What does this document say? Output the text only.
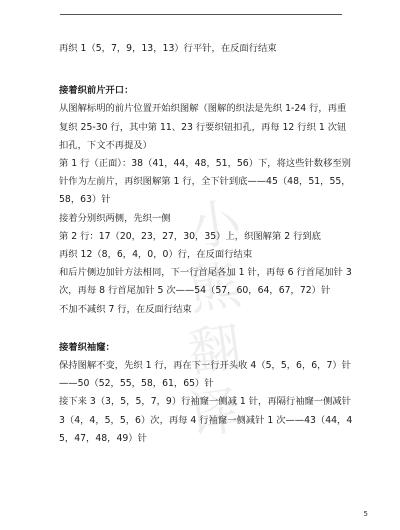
小
熊
翻
译

再织 1（5，7，9，13，13）行平针，在反面行结束

接着织前片开口：

从图解标明的前片位置开始织图解（图解的织法是先织 1-24 行，再重复织 25-30 行，其中第 11、23 行要织钮扣孔，再每 12 行织 1 次钮扣孔，下文不再提及）

第 1 行（正面）：38（41，44，48，51，56）下，将这些针数移至别针作为左前片，再织图解第 1 行，全下针到底——45（48，51，55，58，63）针

接着分别织两侧，先织一侧

第 2 行：17（20，23，27，30，35）上，织图解第 2 行到底

再织 12（8，6，4，0，0）行，在反面行结束

和后片侧边加针方法相同，下一行首尾各加 1 针，再每 6 行首尾加针 3 次，再每 8 行首尾加针 5 次——54（57，60，64，67，72）针

不加不减织 7 行，在反面行结束

接着织袖窿：

保持图解不变，先织 1 行，再在下一行开头收 4（5，5，6，6，7）针——50（52，55，58，61，65）针

接下来 3（3，5，5，7，9）行袖窿一侧减 1 针，再隔行袖窿一侧减针 3（4，4，5，5，6）次，再每 4 行袖窿一侧减针 1 次——43（44，45，47，48，49）针

5
